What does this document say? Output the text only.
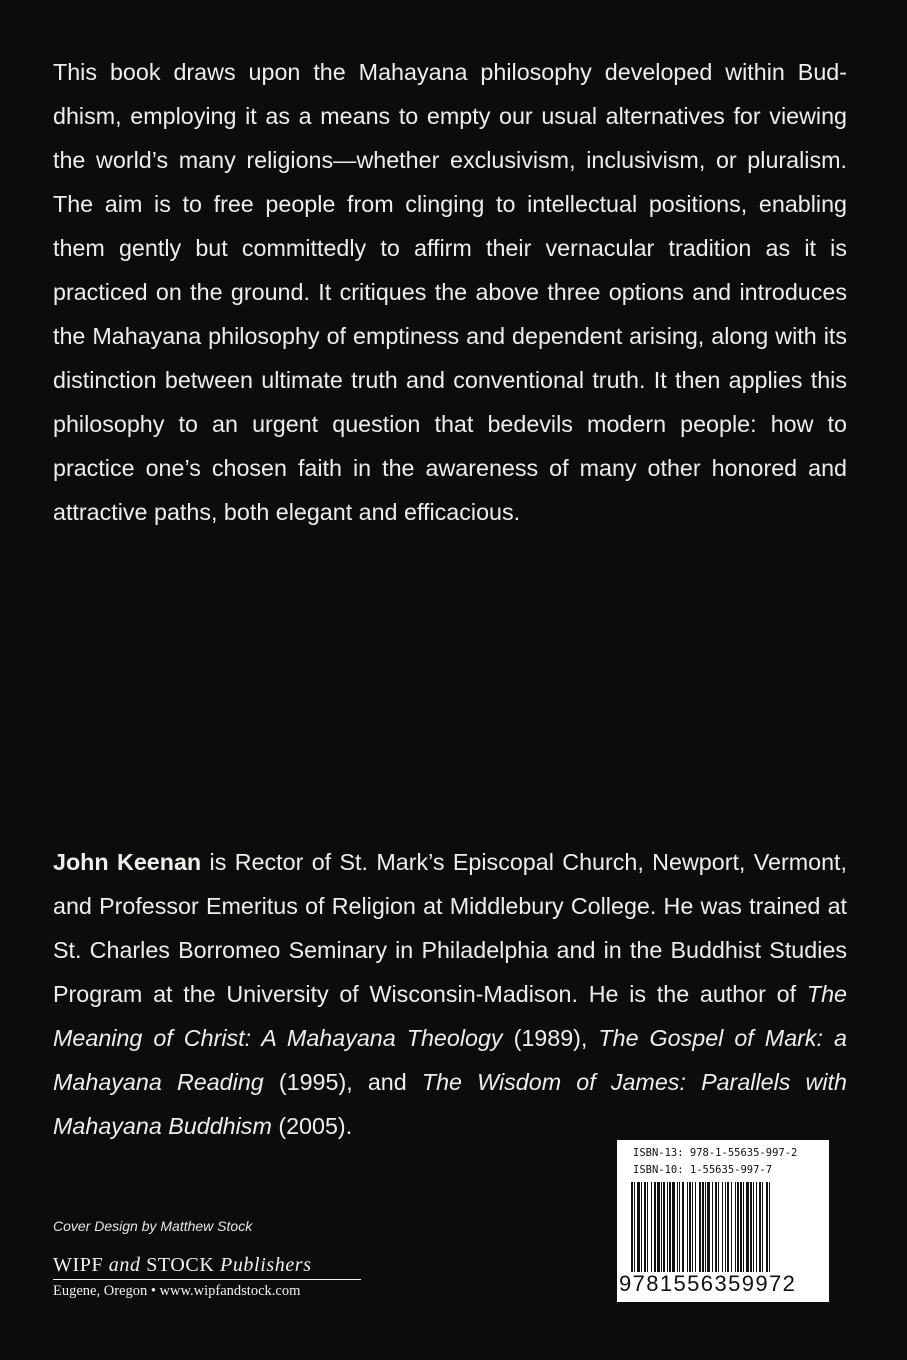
This book draws upon the Mahayana philosophy developed within Buddhism, employing it as a means to empty our usual alternatives for viewing the world’s many religions—whether exclusivism, inclusivism, or pluralism. The aim is to free people from clinging to intellectual positions, enabling them gently but committedly to affirm their vernacular tradition as it is practiced on the ground. It critiques the above three options and introduces the Mahayana philosophy of emptiness and dependent arising, along with its distinction between ultimate truth and conventional truth. It then applies this philosophy to an urgent question that bedevils modern people: how to practice one’s chosen faith in the awareness of many other honored and attractive paths, both elegant and efficacious.

John Keenan is Rector of St. Mark’s Episcopal Church, Newport, Vermont, and Professor Emeritus of Religion at Middlebury College. He was trained at St. Charles Borromeo Seminary in Philadelphia and in the Buddhist Studies Program at the University of Wisconsin-Madison. He is the author of The Meaning of Christ: A Mahayana Theology (1989), The Gospel of Mark: a Mahayana Reading (1995), and The Wisdom of James: Parallels with Mahayana Buddhism (2005).

Cover Design by Matthew Stock
WIPF and STOCK Publishers
Eugene, Oregon • www.wipfandstock.com
ISBN-13: 978-1-55635-997-2
ISBN-10: 1-55635-997-7
9781556359972
